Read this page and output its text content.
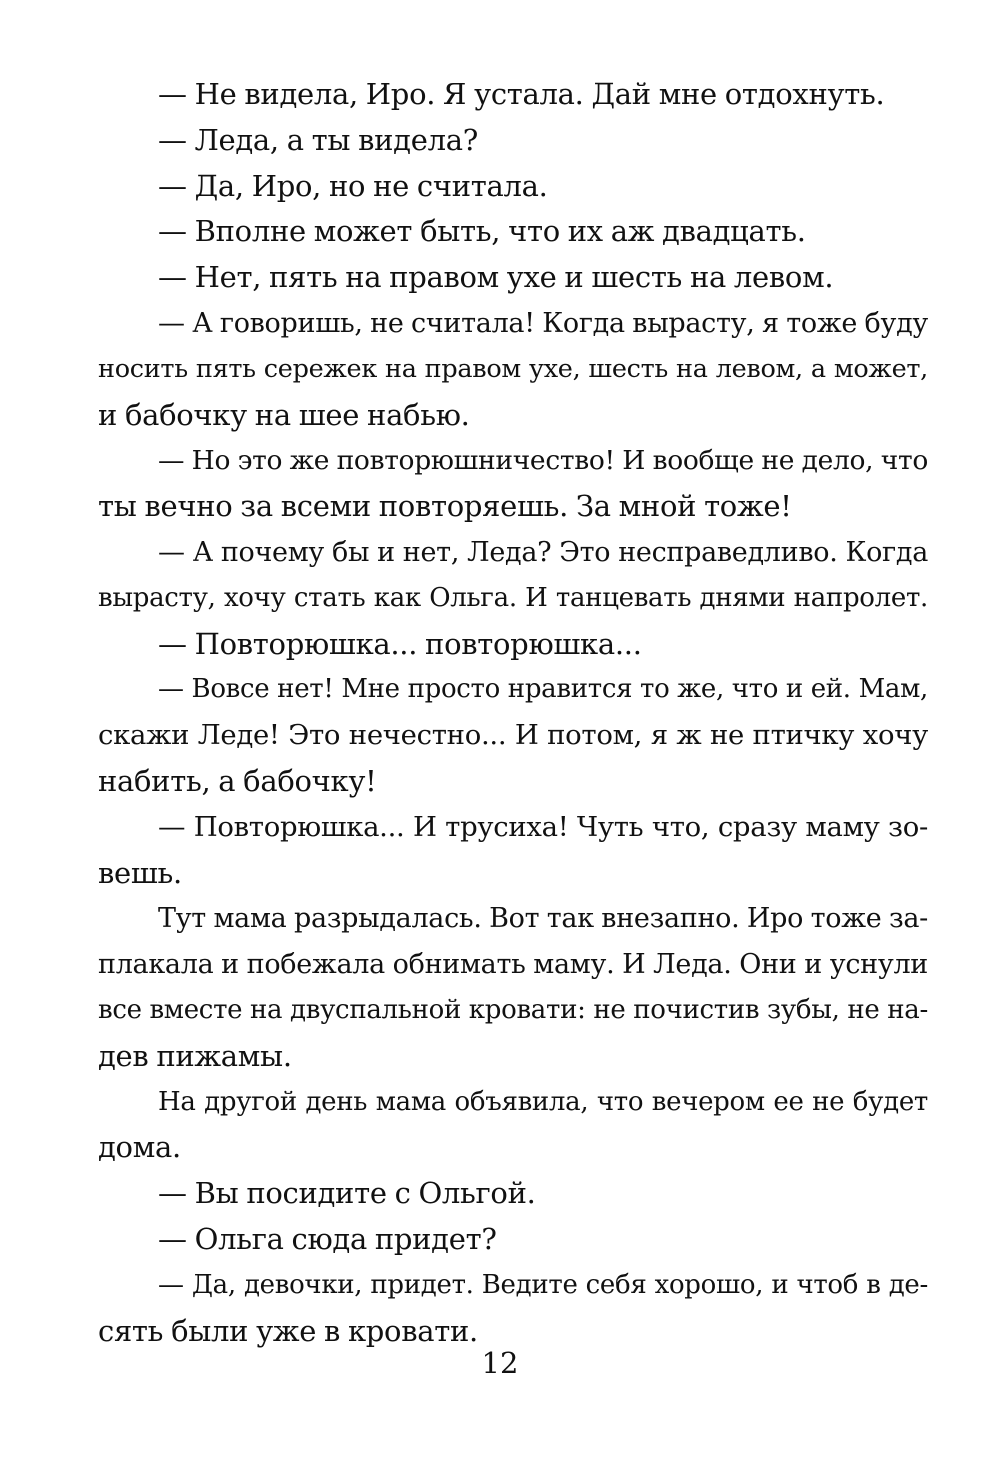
— Не видела, Иро. Я устала. Дай мне отдохнуть.
— Леда, а ты видела?
— Да, Иро, но не считала.
— Вполне может быть, что их аж двадцать.
— Нет, пять на правом ухе и шесть на левом.
— А говоришь, не считала! Когда вырасту, я тоже буду
носить пять сережек на правом ухе, шесть на левом, а может,
и бабочку на шее набью.
— Но это же повторюшничество! И вообще не дело, что
ты вечно за всеми повторяешь. За мной тоже!
— А почему бы и нет, Леда? Это несправедливо. Когда
вырасту, хочу стать как Ольга. И танцевать днями напролет.
— Повторюшка... повторюшка...
— Вовсе нет! Мне просто нравится то же, что и ей. Мам,
скажи Леде! Это нечестно... И потом, я ж не птичку хочу
набить, а бабочку!
— Повторюшка... И трусиха! Чуть что, сразу маму зо-
вешь.
Тут мама разрыдалась. Вот так внезапно. Иро тоже за-
плакала и побежала обнимать маму. И Леда. Они и уснули
все вместе на двуспальной кровати: не почистив зубы, не на-
дев пижамы.
На другой день мама объявила, что вечером ее не будет
дома.
— Вы посидите с Ольгой.
— Ольга сюда придет?
— Да, девочки, придет. Ведите себя хорошо, и чтоб в де-
сять были уже в кровати.
12
